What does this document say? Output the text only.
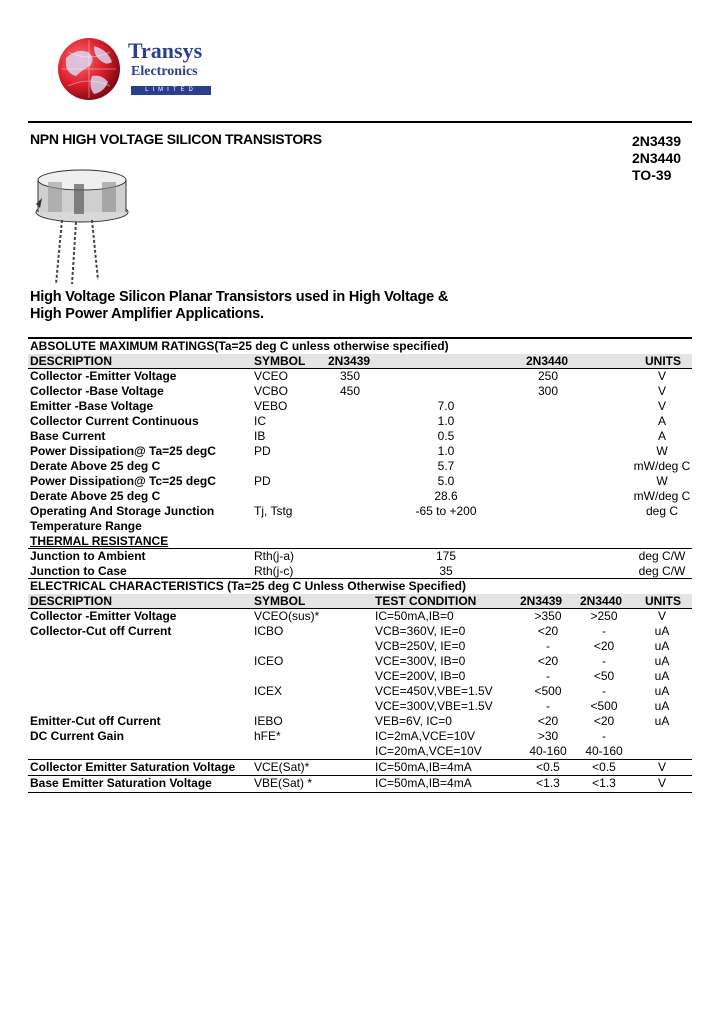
Transys
Electronics
LIMITED
NPN HIGH VOLTAGE SILICON TRANSISTORS	2N3439
2N3440
TO-39
High Voltage Silicon Planar Transistors used in High Voltage &
High Power Amplifier Applications.
ABSOLUTE MAXIMUM RATINGS(Ta=25 deg C unless otherwise specified)
DESCRIPTION	SYMBOL 2N3439	2N3440	UNITS
Collector -Emitter Voltage	VCEO	350	250	V
Collector -Base Voltage	VCBO	450	300	V
Emitter -Base Voltage	VEBO	7.0	V
Collector Current Continuous	IC	1.0	A
Base Current	IB	0.5	A
Power Dissipation@ Ta=25 degC	PD	1.0	W
Derate Above 25 deg C	5.7	mW/deg C
Power Dissipation@ Tc=25 degC	PD	5.0	W
Derate Above 25 deg C	28.6	mW/deg C
Operating And Storage Junction	Tj, Tstg	-65 to +200	deg C
Temperature Range
THERMAL RESISTANCE
Junction to Ambient	Rth(j-a)	175	deg C/W
Junction to Case	Rth(j-c)	35	deg C/W
ELECTRICAL CHARACTERISTICS (Ta=25 deg C Unless Otherwise Specified)
DESCRIPTION	SYMBOL	TEST CONDITION	2N3439 2N3440 UNITS
Collector -Emitter Voltage	VCEO(sus)*	IC=50mA,IB=0	>350	>250	V
Collector-Cut off Current	ICBO	VCB=360V, IE=0	<20	-	uA
VCB=250V, IE=0	-	<20	uA
ICEO	VCE=300V, IB=0	<20	-	uA
VCE=200V, IB=0	-	<50	uA
ICEX	VCE=450V,VBE=1.5V	<500	-	uA
VCE=300V,VBE=1.5V	-	<500	uA
Emitter-Cut off Current	IEBO	VEB=6V, IC=0	<20	<20	uA
DC Current Gain	hFE*	IC=2mA,VCE=10V	>30	-
IC=20mA,VCE=10V	40-160	40-160
Collector Emitter Saturation Voltage VCE(Sat)*	IC=50mA,IB=4mA	<0.5	<0.5	V
Base Emitter Saturation Voltage	VBE(Sat) *	IC=50mA,IB=4mA	<1.3	<1.3	V
